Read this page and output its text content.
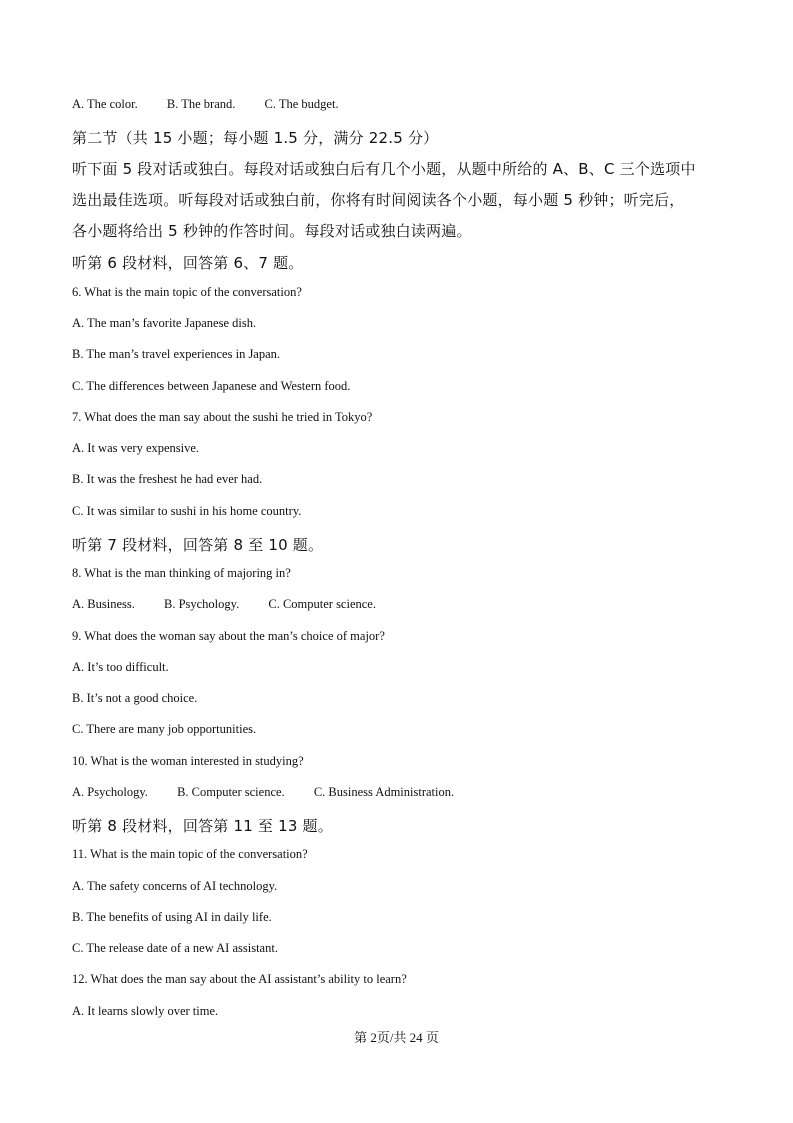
A. The color. B. The brand. C. The budget.
第二节（共 15 小题；每小题 1.5 分，满分 22.5 分）
听下面 5 段对话或独白。每段对话或独白后有几个小题，从题中所给的 A、B、C 三个选项中
选出最佳选项。听每段对话或独白前，你将有时间阅读各个小题，每小题 5 秒钟；听完后，
各小题将给出 5 秒钟的作答时间。每段对话或独白读两遍。
听第 6 段材料，回答第 6、7 题。
6. What is the main topic of the conversation?
A. The man’s favorite Japanese dish.
B. The man’s travel experiences in Japan.
C. The differences between Japanese and Western food.
7. What does the man say about the sushi he tried in Tokyo?
A. It was very expensive.
B. It was the freshest he had ever had.
C. It was similar to sushi in his home country.
听第 7 段材料，回答第 8 至 10 题。
8. What is the man thinking of majoring in?
A. Business. B. Psychology. C. Computer science.
9. What does the woman say about the man’s choice of major?
A. It’s too difficult.
B. It’s not a good choice.
C. There are many job opportunities.
10. What is the woman interested in studying?
A. Psychology. B. Computer science. C. Business Administration.
听第 8 段材料，回答第 11 至 13 题。
11. What is the main topic of the conversation?
A. The safety concerns of AI technology.
B. The benefits of using AI in daily life.
C. The release date of a new AI assistant.
12. What does the man say about the AI assistant’s ability to learn?
A. It learns slowly over time.
第 2页/共 24 页
